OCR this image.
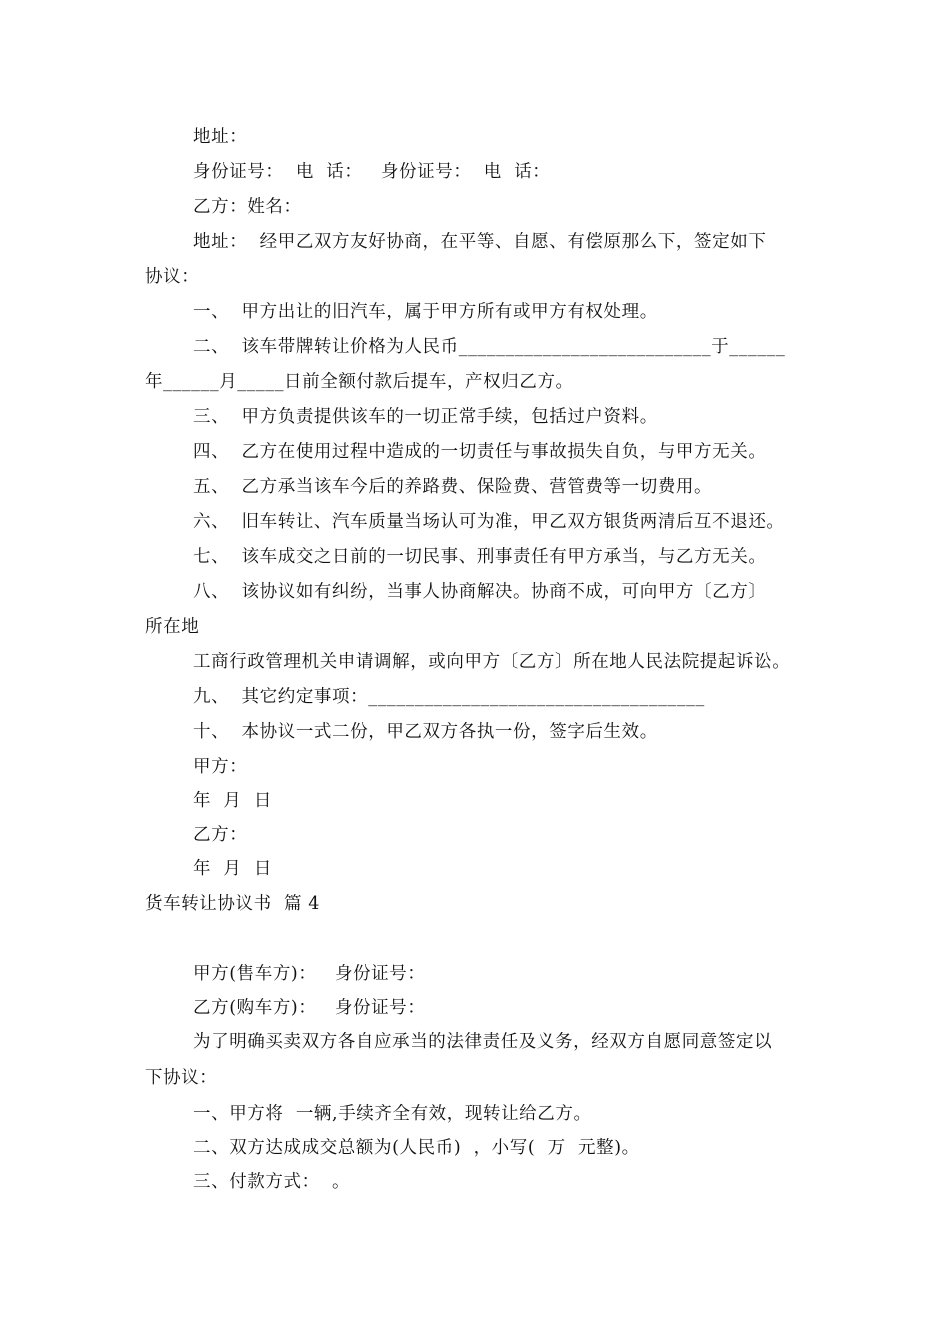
地址：
身份证号：  电  话：   身份证号：  电  话：
乙方：姓名：
地址：  经甲乙双方友好协商，在平等、自愿、有偿原那么下，签定如下
协议：
一、  甲方出让的旧汽车，属于甲方所有或甲方有权处理。
二、  该车带牌转让价格为人民币___________________________于______
年______月_____日前全额付款后提车，产权归乙方。
三、  甲方负责提供该车的一切正常手续，包括过户资料。
四、  乙方在使用过程中造成的一切责任与事故损失自负，与甲方无关。
五、  乙方承当该车今后的养路费、保险费、营管费等一切费用。
六、  旧车转让、汽车质量当场认可为准，甲乙双方银货两清后互不退还。
七、  该车成交之日前的一切民事、刑事责任有甲方承当，与乙方无关。
八、  该协议如有纠纷，当事人协商解决。协商不成，可向甲方〔乙方〕
所在地
工商行政管理机关申请调解，或向甲方〔乙方〕所在地人民法院提起诉讼。
九、  其它约定事项：____________________________________
十、  本协议一式二份，甲乙双方各执一份，签字后生效。
甲方：
年  月  日
乙方：
年  月  日
货车转让协议书  篇 4
甲方(售车方)：   身份证号：
乙方(购车方)：   身份证号：
为了明确买卖双方各自应承当的法律责任及义务，经双方自愿同意签定以
下协议：
一、甲方将  一辆,手续齐全有效，现转让给乙方。
二、双方达成成交总额为(人民币)  ，小写(  万  元整)。
三、付款方式：  。
